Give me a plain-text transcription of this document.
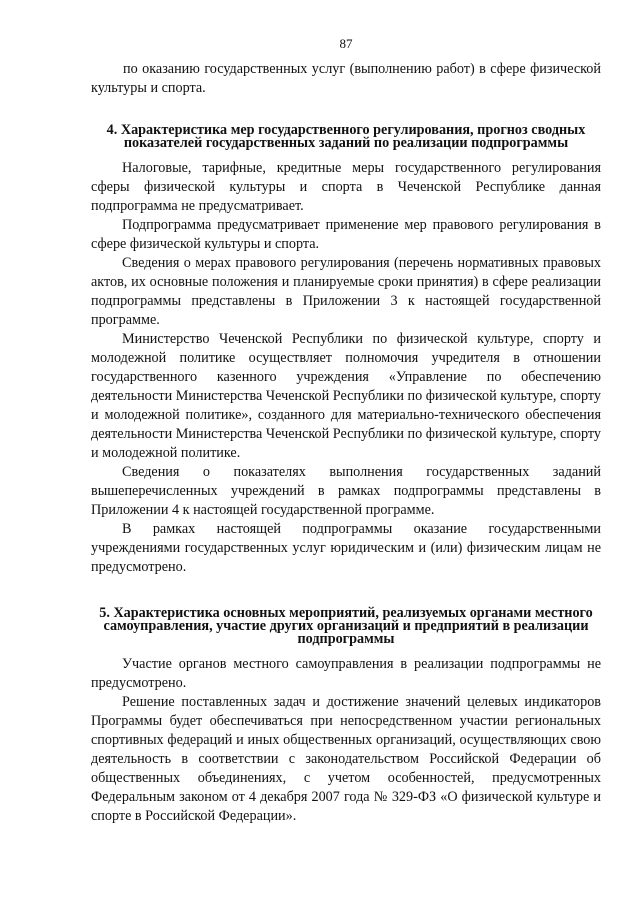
87

по оказанию государственных услуг (выполнению работ) в сфере физической культуры и спорта.

4. Характеристика мер государственного регулирования, прогноз сводных показателей государственных заданий по реализации подпрограммы

Налоговые, тарифные, кредитные меры государственного регулирования сферы физической культуры и спорта в Чеченской Республике данная подпрограмма не предусматривает.

Подпрограмма предусматривает применение мер правового регулирования в сфере физической культуры и спорта.

Сведения о мерах правового регулирования (перечень нормативных правовых актов, их основные положения и планируемые сроки принятия) в сфере реализации подпрограммы представлены в Приложении 3 к настоящей государственной программе.

Министерство Чеченской Республики по физической культуре, спорту и молодежной политике осуществляет полномочия учредителя в отношении государственного казенного учреждения «Управление по обеспечению деятельности Министерства Чеченской Республики по физической культуре, спорту и молодежной политике», созданного для материально-технического обеспечения деятельности Министерства Чеченской Республики по физической культуре, спорту и молодежной политике.

Сведения о показателях выполнения государственных заданий вышеперечисленных учреждений в рамках подпрограммы представлены в Приложении 4 к настоящей государственной программе.

В рамках настоящей подпрограммы оказание государственными учреждениями государственных услуг юридическим и (или) физическим лицам не предусмотрено.

5. Характеристика основных мероприятий, реализуемых органами местного самоуправления, участие других организаций и предприятий в реализации подпрограммы

Участие органов местного самоуправления в реализации подпрограммы не предусмотрено.

Решение поставленных задач и достижение значений целевых индикаторов Программы будет обеспечиваться при непосредственном участии региональных спортивных федераций и иных общественных организаций, осуществляющих свою деятельность в соответствии с законодательством Российской Федерации об общественных объединениях, с учетом особенностей, предусмотренных Федеральным законом от 4 декабря 2007 года № 329-ФЗ «О физической культуре и спорте в Российской Федерации».
